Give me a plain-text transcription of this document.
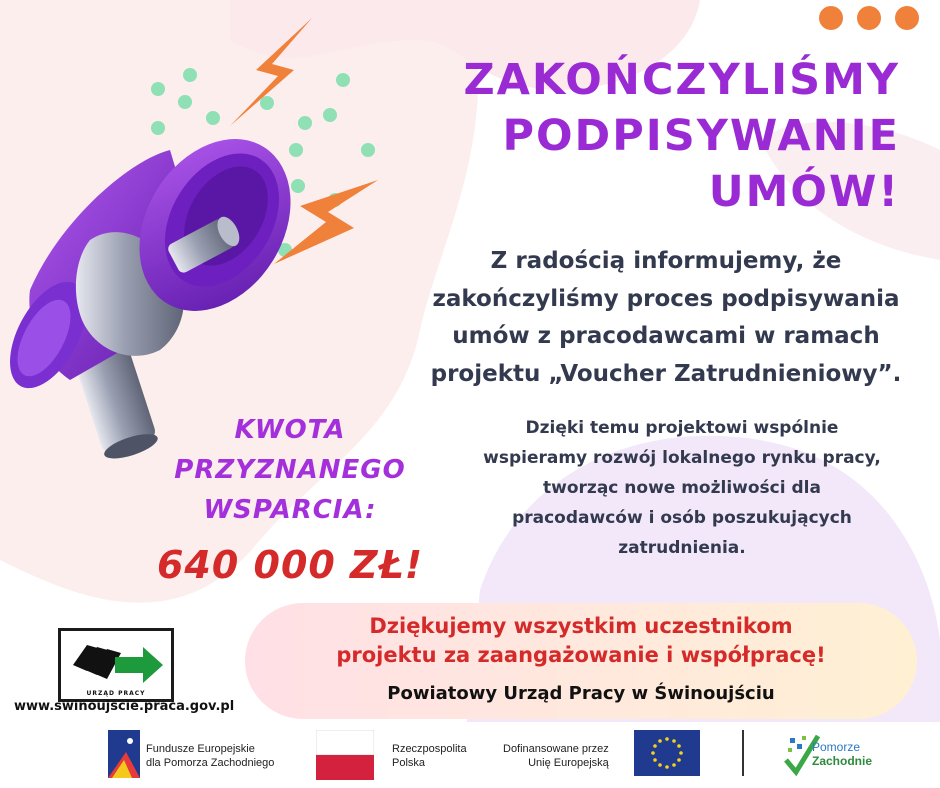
ZAKOŃCZYLIŚMY
PODPISYWANIE
UMÓW!
Z radością informujemy, że
zakończyliśmy proces podpisywania
umów z pracodawcami w ramach
projektu „Voucher Zatrudnieniowy”.
Dzięki temu projektowi wspólnie
wspieramy rozwój lokalnego rynku pracy,
tworząc nowe możliwości dla
pracodawców i osób poszukujących
zatrudnienia.
KWOTA
PRZYZNANEGO
WSPARCIA:
640 000 ZŁ!
Dziękujemy wszystkim uczestnikom
projektu za zaangażowanie i współpracę!
Powiatowy Urząd Pracy w Świnoujściu
URZĄD PRACY
www.swinoujscie.praca.gov.pl
Fundusze Europejskie
dla Pomorza Zachodniego
Rzeczpospolita
Polska
Dofinansowane przez
Unię Europejską
Pomorze
Zachodnie
